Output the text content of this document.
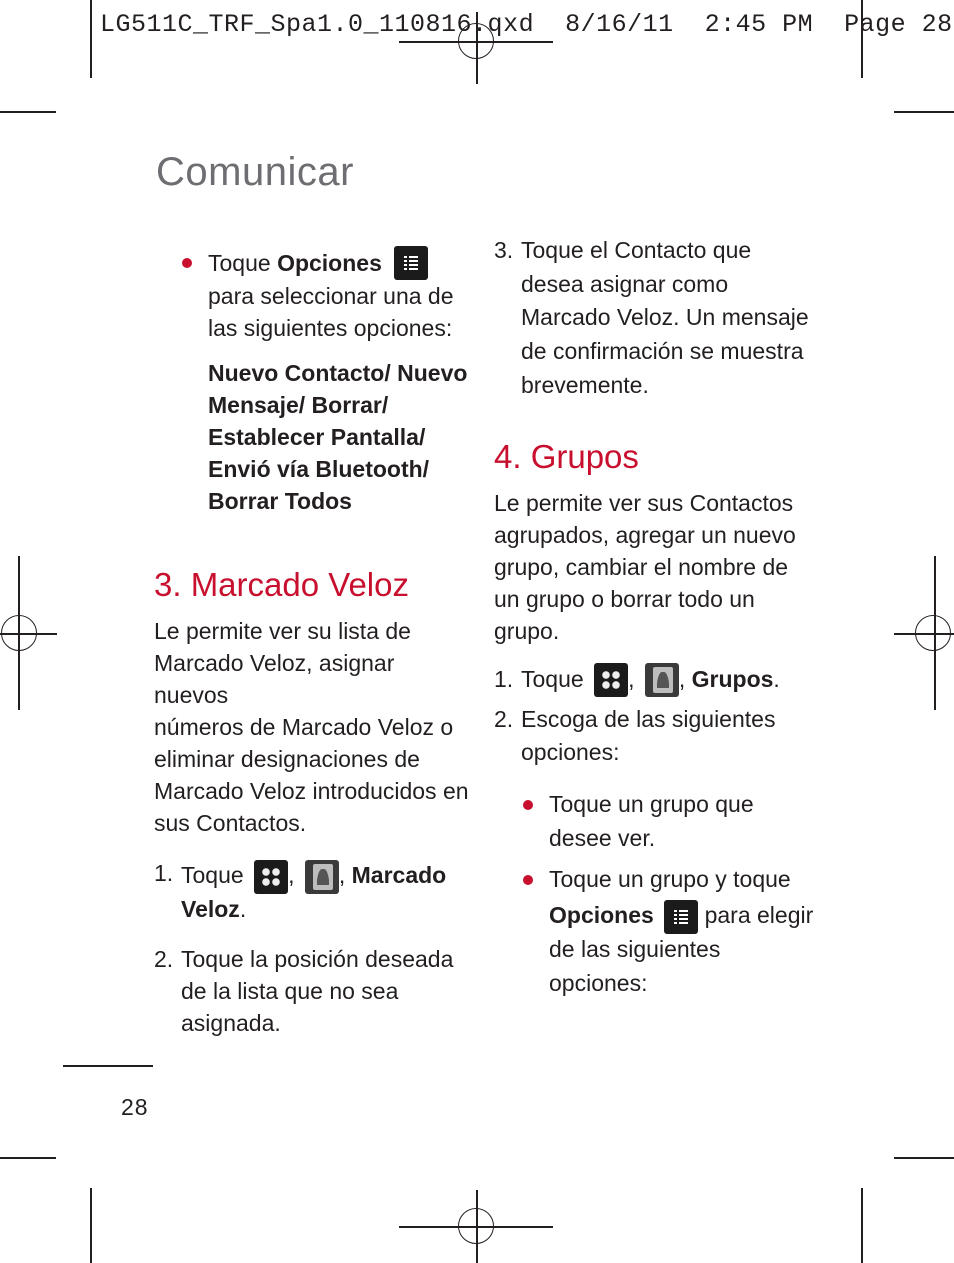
LG511C_TRF_Spa1.0_110816.qxd  8/16/11  2:45 PM  Page 28
Comunicar
Toque Opciones
para seleccionar una de
las siguientes opciones:
Nuevo Contacto/ Nuevo
Mensaje/ Borrar/
Establecer Pantalla/
Envió vía Bluetooth/
Borrar Todos
3. Marcado Veloz
Le permite ver su lista de
Marcado Veloz, asignar nuevos
números de Marcado Veloz o
eliminar designaciones de
Marcado Veloz introducidos en
sus Contactos.
1. Toque , , Marcado
Veloz.
2. Toque la posición deseada
de la lista que no sea
asignada.
3. Toque el Contacto que
desea asignar como
Marcado Veloz. Un mensaje
de confirmación se muestra
brevemente.
4. Grupos
Le permite ver sus Contactos
agrupados, agregar un nuevo
grupo, cambiar el nombre de
un grupo o borrar todo un
grupo.
1. Toque , , Grupos.
2. Escoga de las siguientes
opciones:
Toque un grupo que
desee ver.
Toque un grupo y toque
Opciones  para elegir
de las siguientes
opciones:
28
